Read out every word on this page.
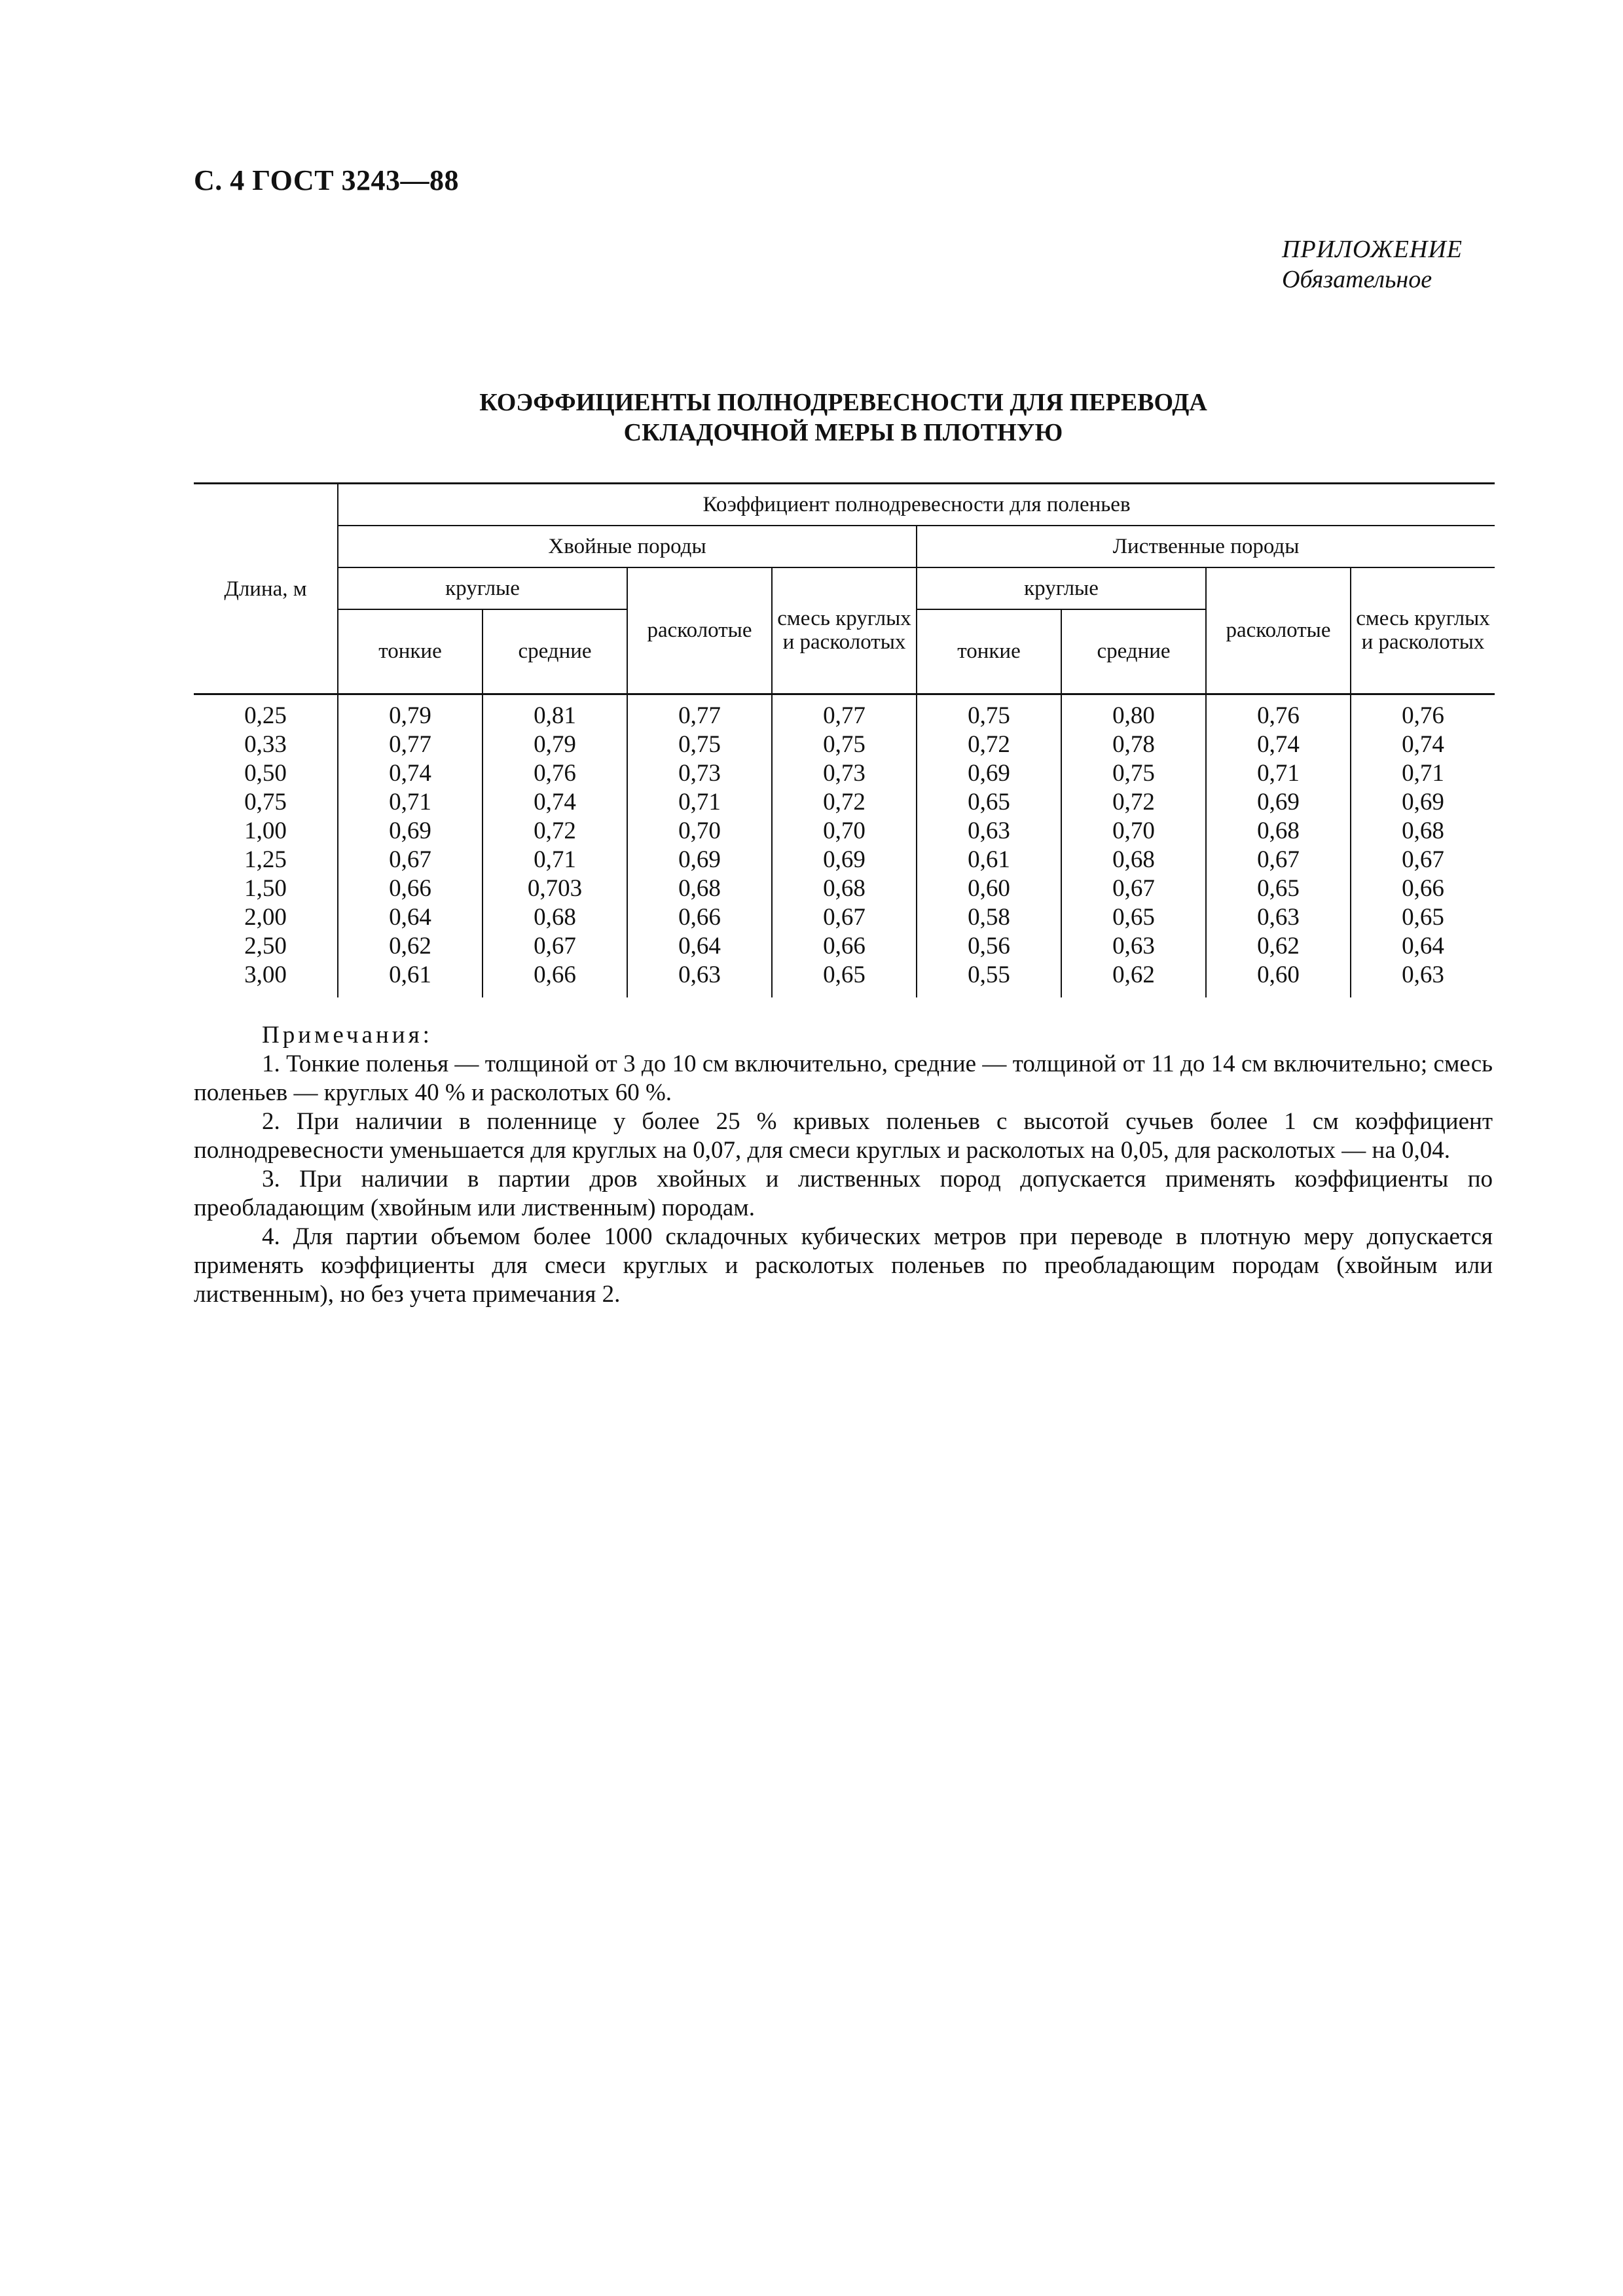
С. 4 ГОСТ 3243—88
ПРИЛОЖЕНИЕ
Обязательное
КОЭФФИЦИЕНТЫ ПОЛНОДРЕВЕСНОСТИ ДЛЯ ПЕРЕВОДА
СКЛАДОЧНОЙ МЕРЫ В ПЛОТНУЮ
Длина, м	Коэффициент полнодревесности для поленьев							
	Хвойные породы				Лиственные породы			
	круглые		расколотые	смесь круглых и расколотых	круглые		расколотые	смесь круглых и расколотых
	тонкие	средние			тонкие	средние		
0,25	0,79	0,81	0,77	0,77	0,75	0,80	0,76	0,76
0,33	0,77	0,79	0,75	0,75	0,72	0,78	0,74	0,74
0,50	0,74	0,76	0,73	0,73	0,69	0,75	0,71	0,71
0,75	0,71	0,74	0,71	0,72	0,65	0,72	0,69	0,69
1,00	0,69	0,72	0,70	0,70	0,63	0,70	0,68	0,68
1,25	0,67	0,71	0,69	0,69	0,61	0,68	0,67	0,67
1,50	0,66	0,703	0,68	0,68	0,60	0,67	0,65	0,66
2,00	0,64	0,68	0,66	0,67	0,58	0,65	0,63	0,65
2,50	0,62	0,67	0,64	0,66	0,56	0,63	0,62	0,64
3,00	0,61	0,66	0,63	0,65	0,55	0,62	0,60	0,63
Примечания:

1. Тонкие поленья — толщиной от 3 до 10 см включительно, средние — толщиной от 11 до 14 см включительно; смесь поленьев — круглых 40 % и расколотых 60 %.

2. При наличии в поленнице у более 25 % кривых поленьев с высотой сучьев более 1 см коэффициент полнодревесности уменьшается для круглых на 0,07, для смеси круглых и расколотых на 0,05, для расколотых — на 0,04.

3. При наличии в партии дров хвойных и лиственных пород допускается применять коэффициенты по преобладающим (хвойным или лиственным) породам.

4. Для партии объемом более 1000 складочных кубических метров при переводе в плотную меру допускается применять коэффициенты для смеси круглых и расколотых поленьев по преобладающим породам (хвойным или лиственным), но без учета примечания 2.
